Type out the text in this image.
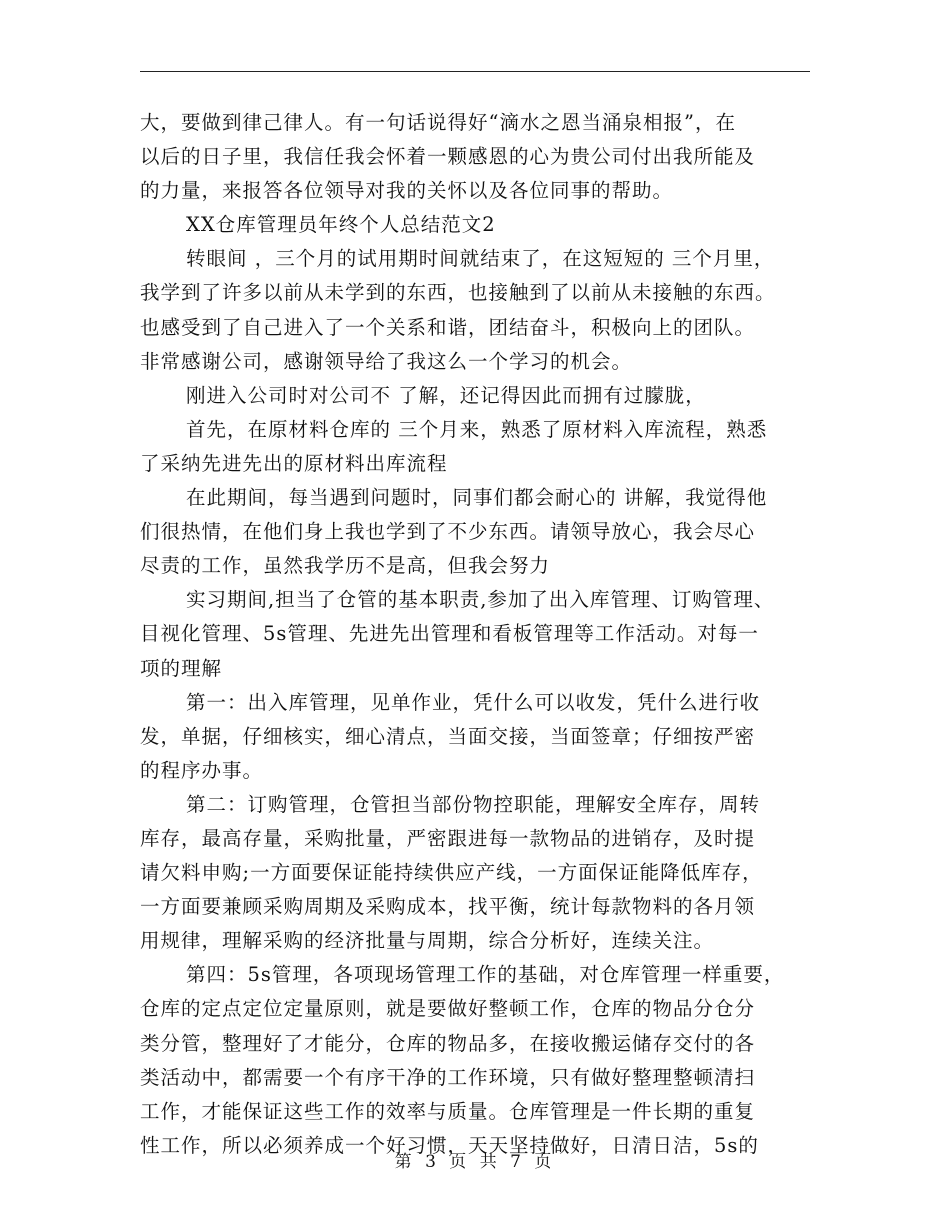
大，要做到律己律人。有一句话说得好“滴水之恩当涌泉相报”，在
以后的日子里，我信任我会怀着一颗感恩的心为贵公司付出我所能及
的力量，来报答各位领导对我的关怀以及各位同事的帮助。
XX仓库管理员年终个人总结范文2
转眼间 ，三个月的试用期时间就结束了，在这短短的 三个月里，
我学到了许多以前从未学到的东西，也接触到了以前从未接触的东西。
也感受到了自己进入了一个关系和谐，团结奋斗，积极向上的团队。
非常感谢公司，感谢领导给了我这么一个学习的机会。
刚进入公司时对公司不 了解，还记得因此而拥有过朦胧，
首先，在原材料仓库的 三个月来，熟悉了原材料入库流程，熟悉
了采纳先进先出的原材料出库流程
在此期间，每当遇到问题时，同事们都会耐心的 讲解，我觉得他
们很热情，在他们身上我也学到了不少东西。请领导放心，我会尽心
尽责的工作，虽然我学历不是高，但我会努力
实习期间,担当了仓管的基本职责,参加了出入库管理、订购管理、
目视化管理、5s管理、先进先出管理和看板管理等工作活动。对每一
项的理解
第一：出入库管理，见单作业，凭什么可以收发，凭什么进行收
发，单据，仔细核实，细心清点，当面交接，当面签章；仔细按严密
的程序办事。
第二：订购管理，仓管担当部份物控职能，理解安全库存，周转
库存，最高存量，采购批量，严密跟进每一款物品的进销存，及时提
请欠料申购;一方面要保证能持续供应产线，一方面保证能降低库存，
一方面要兼顾采购周期及采购成本，找平衡，统计每款物料的各月领
用规律，理解采购的经济批量与周期，综合分析好，连续关注。
第四：5s管理，各项现场管理工作的基础，对仓库管理一样重要，
仓库的定点定位定量原则，就是要做好整顿工作，仓库的物品分仓分
类分管，整理好了才能分，仓库的物品多，在接收搬运储存交付的各
类活动中，都需要一个有序干净的工作环境，只有做好整理整顿清扫
工作，才能保证这些工作的效率与质量。仓库管理是一件长期的重复
性工作，所以必须养成一个好习惯，天天坚持做好，日清日洁，5s的
第 3 页 共 7 页
